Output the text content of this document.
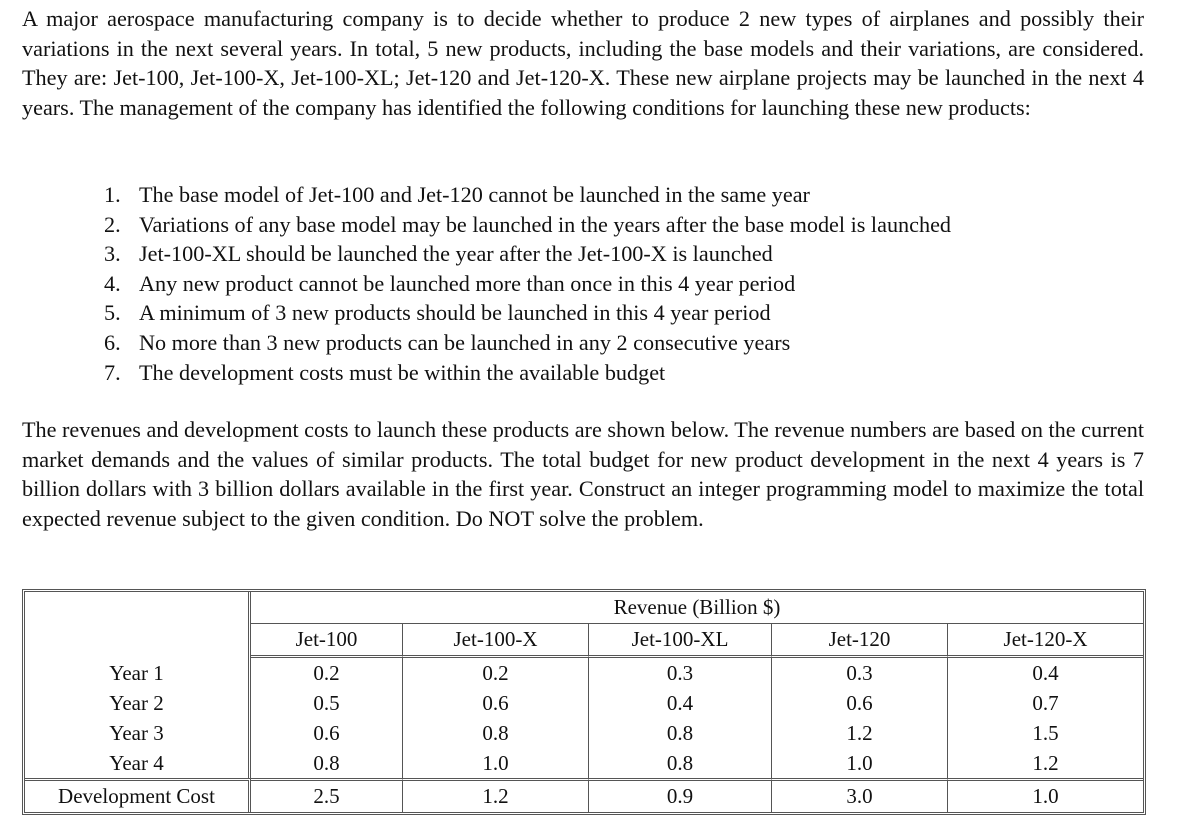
A major aerospace manufacturing company is to decide whether to produce 2 new types of airplanes and possibly their variations in the next several years. In total, 5 new products, including the base models and their variations, are considered. They are: Jet-100, Jet-100-X, Jet-100-XL; Jet-120 and Jet-120-X. These new airplane projects may be launched in the next 4 years. The management of the company has identified the following conditions for launching these new products:

1. The base model of Jet-100 and Jet-120 cannot be launched in the same year
2. Variations of any base model may be launched in the years after the base model is launched
3. Jet-100-XL should be launched the year after the Jet-100-X is launched
4. Any new product cannot be launched more than once in this 4 year period
5. A minimum of 3 new products should be launched in this 4 year period
6. No more than 3 new products can be launched in any 2 consecutive years
7. The development costs must be within the available budget

The revenues and development costs to launch these products are shown below. The revenue numbers are based on the current market demands and the values of similar products. The total budget for new product development in the next 4 years is 7 billion dollars with 3 billion dollars available in the first year. Construct an integer programming model to maximize the total expected revenue subject to the given condition. Do NOT solve the problem.

	Revenue (Billion $)				
	Jet-100	Jet-100-X	Jet-100-XL	Jet-120	Jet-120-X
Year 1	0.2	0.2	0.3	0.3	0.4
Year 2	0.5	0.6	0.4	0.6	0.7
Year 3	0.6	0.8	0.8	1.2	1.5
Year 4	0.8	1.0	0.8	1.0	1.2
Development Cost	2.5	1.2	0.9	3.0	1.0
